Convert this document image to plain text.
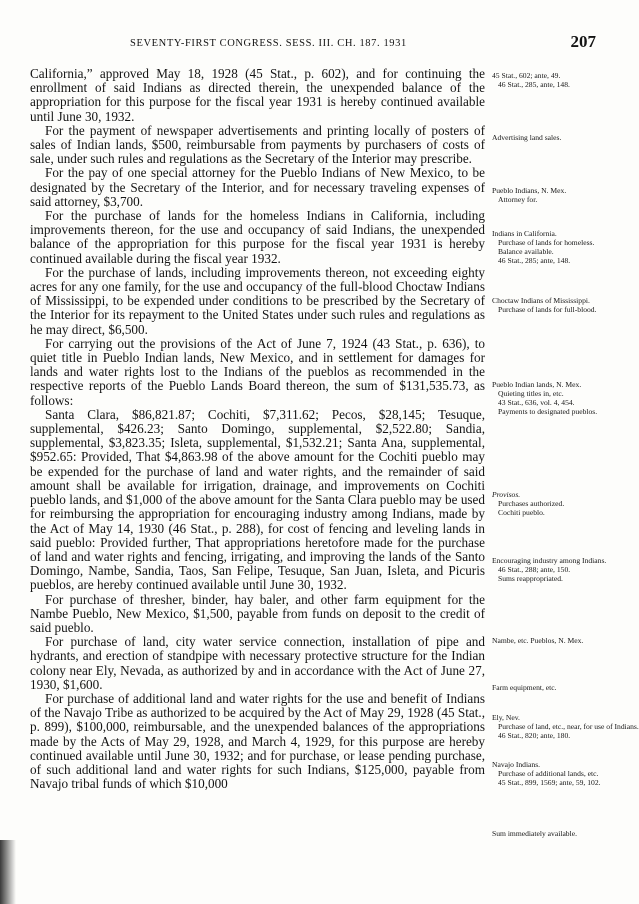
SEVENTY-FIRST CONGRESS. SESS. III. CH. 187. 1931	207

California,” approved May 18, 1928 (45 Stat., p. 602), and for continuing the enrollment of said Indians as directed therein, the unexpended balance of the appropriation for this purpose for the fiscal year 1931 is hereby continued available until June 30, 1932.

For the payment of newspaper advertisements and printing locally of posters of sales of Indian lands, $500, reimbursable from payments by purchasers of costs of sale, under such rules and regulations as the Secretary of the Interior may prescribe.

For the pay of one special attorney for the Pueblo Indians of New Mexico, to be designated by the Secretary of the Interior, and for necessary traveling expenses of said attorney, $3,700.

For the purchase of lands for the homeless Indians in California, including improvements thereon, for the use and occupancy of said Indians, the unexpended balance of the appropriation for this purpose for the fiscal year 1931 is hereby continued available during the fiscal year 1932.

For the purchase of lands, including improvements thereon, not exceeding eighty acres for any one family, for the use and occupancy of the full-blood Choctaw Indians of Mississippi, to be expended under conditions to be prescribed by the Secretary of the Interior for its repayment to the United States under such rules and regulations as he may direct, $6,500.

For carrying out the provisions of the Act of June 7, 1924 (43 Stat., p. 636), to quiet title in Pueblo Indian lands, New Mexico, and in settlement for damages for lands and water rights lost to the Indians of the pueblos as recommended in the respective reports of the Pueblo Lands Board thereon, the sum of $131,535.73, as follows:

Santa Clara, $86,821.87; Cochiti, $7,311.62; Pecos, $28,145; Tesuque, supplemental, $426.23; Santo Domingo, supplemental, $2,522.80; Sandia, supplemental, $3,823.35; Isleta, supplemental, $1,532.21; Santa Ana, supplemental, $952.65: Provided, That $4,863.98 of the above amount for the Cochiti pueblo may be expended for the purchase of land and water rights, and the remainder of said amount shall be available for irrigation, drainage, and improvements on Cochiti pueblo lands, and $1,000 of the above amount for the Santa Clara pueblo may be used for reimbursing the appropriation for encouraging industry among Indians, made by the Act of May 14, 1930 (46 Stat., p. 288), for cost of fencing and leveling lands in said pueblo: Provided further, That appropriations heretofore made for the purchase of land and water rights and fencing, irrigating, and improving the lands of the Santo Domingo, Nambe, Sandia, Taos, San Felipe, Tesuque, San Juan, Isleta, and Picuris pueblos, are hereby continued available until June 30, 1932.

For purchase of thresher, binder, hay baler, and other farm equipment for the Nambe Pueblo, New Mexico, $1,500, payable from funds on deposit to the credit of said pueblo.

For purchase of land, city water service connection, installation of pipe and hydrants, and erection of standpipe with necessary protective structure for the Indian colony near Ely, Nevada, as authorized by and in accordance with the Act of June 27, 1930, $1,600.

For purchase of additional land and water rights for the use and benefit of Indians of the Navajo Tribe as authorized to be acquired by the Act of May 29, 1928 (45 Stat., p. 899), $100,000, reimbursable, and the unexpended balances of the appropriations made by the Acts of May 29, 1928, and March 4, 1929, for this purpose are hereby continued available until June 30, 1932; and for purchase, or lease pending purchase, of such additional land and water rights for such Indians, $125,000, payable from Navajo tribal funds of which $10,000

45 Stat., 602; ante, 49.
46 Stat., 285, ante, 148.
Advertising land sales.
Pueblo Indians, N. Mex.
Attorney for.
Indians in California.
Purchase of lands for homeless.
Balance available.
46 Stat., 285; ante, 148.
Choctaw Indians of Mississippi.
Purchase of lands for full-blood.
Pueblo Indian lands, N. Mex.
Quieting titles in, etc.
43 Stat., 636, vol. 4, 454.
Payments to designated pueblos.
Provisos.
Purchases authorized.
Cochiti pueblo.
Encouraging industry among Indians.
46 Stat., 288; ante, 150.
Sums reappropriated.
Nambe, etc. Pueblos, N. Mex.
Farm equipment, etc.
Ely, Nev.
Purchase of land, etc., near, for use of Indians.
46 Stat., 820; ante, 180.
Navajo Indians.
Purchase of additional lands, etc.
45 Stat., 899, 1569; ante, 59, 102.
Sum immediately available.
